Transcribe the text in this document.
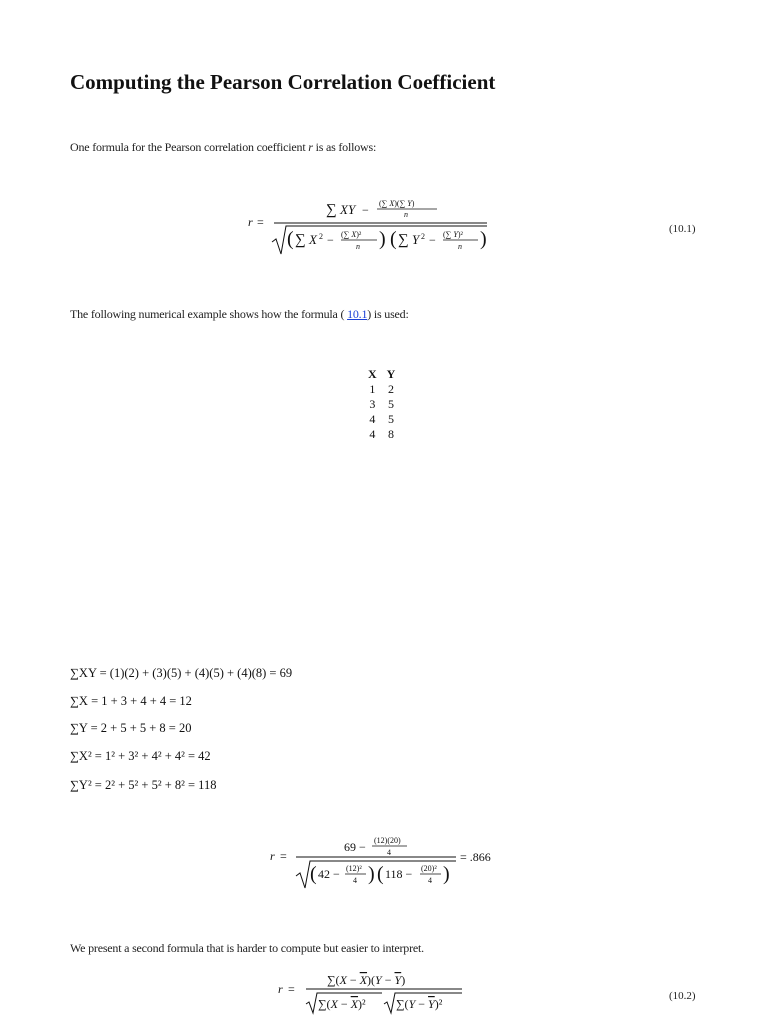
Computing the Pearson Correlation Coefficient
One formula for the Pearson correlation coefficient r is as follows:
r =
∑ XY − (∑ X)(∑ Y)
n
( ∑ X 2 − (∑ X)²
n ) ( ∑ Y 2 − (∑ Y)²
n )	(10.1)
The following numerical example shows how the formula ( 10.1) is used:
X	Y
1	2
3	5
4	5
4	8
∑XY = (1)(2) + (3)(5) + (4)(5) + (4)(8) = 69
∑X = 1 + 3 + 4 + 4 = 12
∑Y = 2 + 5 + 5 + 8 = 20
∑X² = 1² + 3² + 4² + 4² = 42
∑Y² = 2² + 5² + 5² + 8² = 118
r =
69 − (12)(20)
4
( 42 − (12)²
4 ) ( 118 − (20)²
4 )
= .866
We present a second formula that is harder to compute but easier to interpret.
r =
∑(X − X)(Y − Y)
∑(X − X)²	∑(Y − Y)²
(10.2)
